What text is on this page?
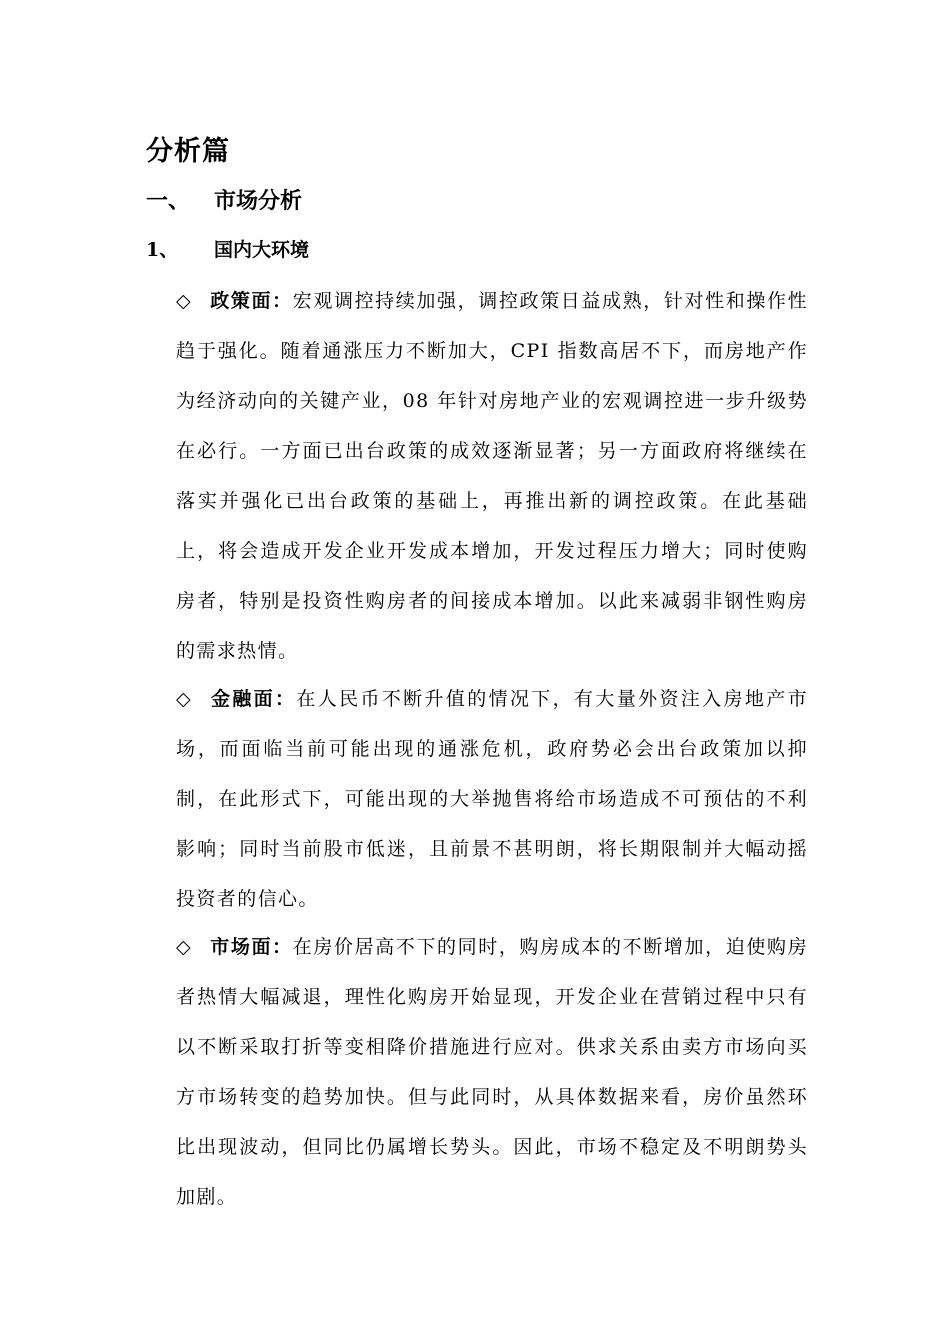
分析篇
一、	市场分析
1、	国内大环境

◇ 政策面：宏观调控持续加强，调控政策日益成熟，针对性和操作性趋于强化。随着通涨压力不断加大，CPI 指数高居不下，而房地产作为经济动向的关键产业，08 年针对房地产业的宏观调控进一步升级势在必行。一方面已出台政策的成效逐渐显著；另一方面政府将继续在落实并强化已出台政策的基础上，再推出新的调控政策。在此基础上，将会造成开发企业开发成本增加，开发过程压力增大；同时使购房者，特别是投资性购房者的间接成本增加。以此来减弱非钢性购房的需求热情。

◇ 金融面：在人民币不断升值的情况下，有大量外资注入房地产市场，而面临当前可能出现的通涨危机，政府势必会出台政策加以抑制，在此形式下，可能出现的大举抛售将给市场造成不可预估的不利影响；同时当前股市低迷，且前景不甚明朗，将长期限制并大幅动摇投资者的信心。

◇ 市场面：在房价居高不下的同时，购房成本的不断增加，迫使购房者热情大幅减退，理性化购房开始显现，开发企业在营销过程中只有以不断采取打折等变相降价措施进行应对。供求关系由卖方市场向买方市场转变的趋势加快。但与此同时，从具体数据来看，房价虽然环比出现波动，但同比仍属增长势头。因此，市场不稳定及不明朗势头加剧。
